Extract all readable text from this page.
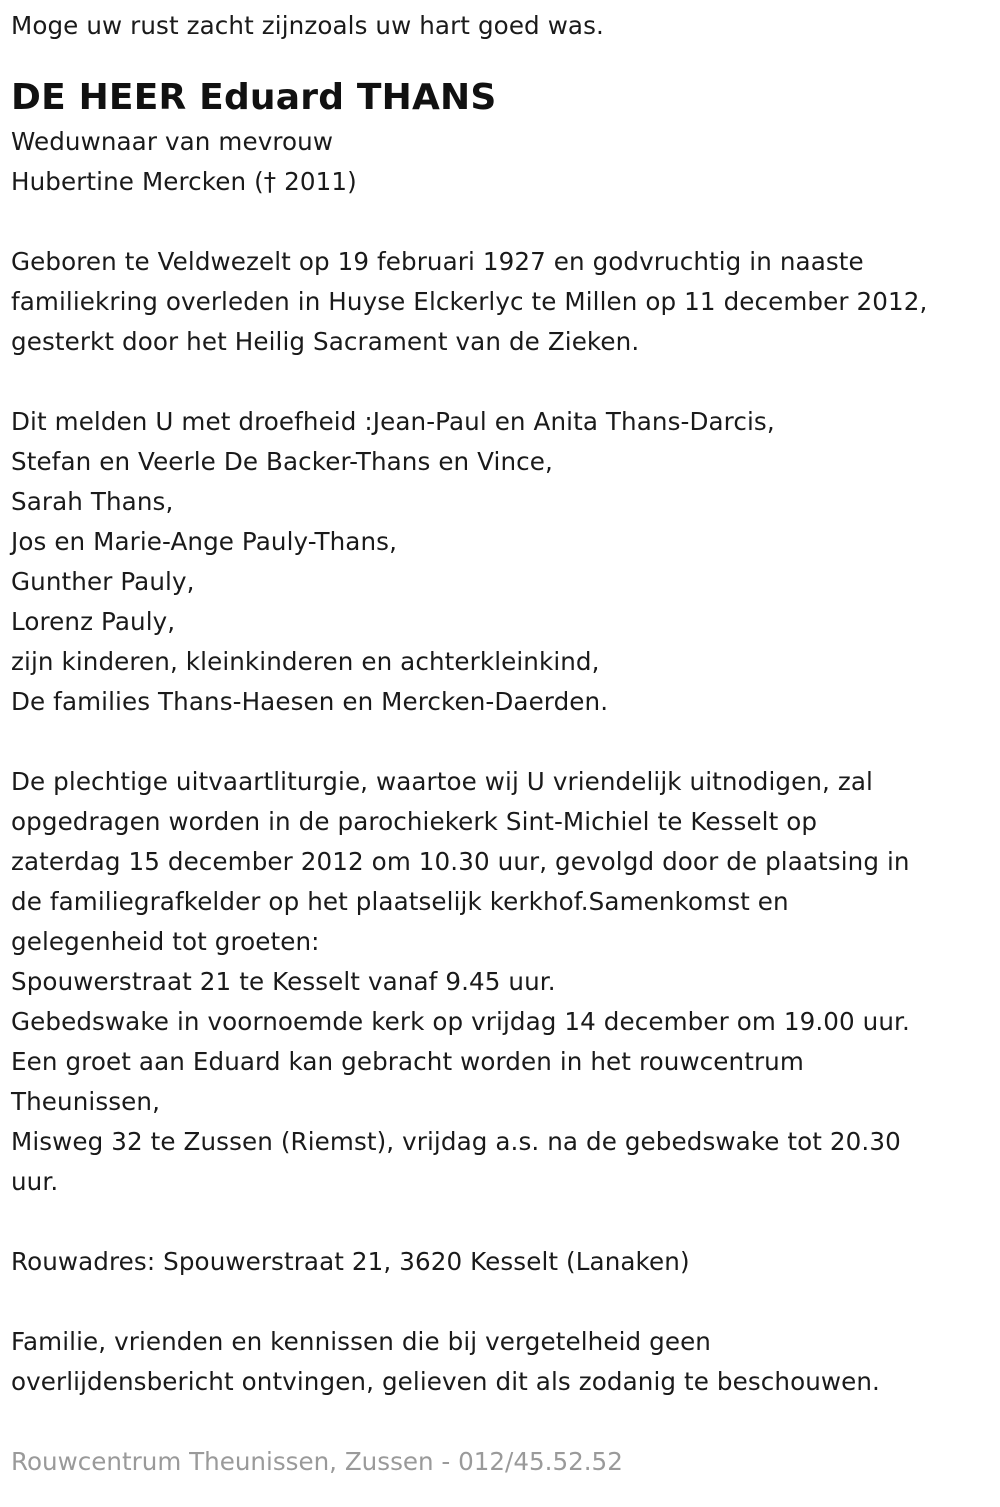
Moge uw rust zacht zijnzoals uw hart goed was.
DE HEER Eduard THANS
Weduwnaar van mevrouw
Hubertine Mercken († 2011)
Geboren te Veldwezelt op 19 februari 1927 en godvruchtig in naaste
familiekring overleden in Huyse Elckerlyc te Millen op 11 december 2012,
gesterkt door het Heilig Sacrament van de Zieken.
Dit melden U met droefheid :Jean-Paul en Anita Thans-Darcis,
Stefan en Veerle De Backer-Thans en Vince,
Sarah Thans,
Jos en Marie-Ange Pauly-Thans,
Gunther Pauly,
Lorenz Pauly,
zijn kinderen, kleinkinderen en achterkleinkind,
De families Thans-Haesen en Mercken-Daerden.
De plechtige uitvaartliturgie, waartoe wij U vriendelijk uitnodigen, zal
opgedragen worden in de parochiekerk Sint-Michiel te Kesselt op
zaterdag 15 december 2012 om 10.30 uur, gevolgd door de plaatsing in
de familiegrafkelder op het plaatselijk kerkhof.Samenkomst en
gelegenheid tot groeten:
Spouwerstraat 21 te Kesselt vanaf 9.45 uur.
Gebedswake in voornoemde kerk op vrijdag 14 december om 19.00 uur.
Een groet aan Eduard kan gebracht worden in het rouwcentrum
Theunissen,
Misweg 32 te Zussen (Riemst), vrijdag a.s. na de gebedswake tot 20.30
uur.
Rouwadres: Spouwerstraat 21, 3620 Kesselt (Lanaken)
Familie, vrienden en kennissen die bij vergetelheid geen
overlijdensbericht ontvingen, gelieven dit als zodanig te beschouwen.
Rouwcentrum Theunissen, Zussen - 012/45.52.52
